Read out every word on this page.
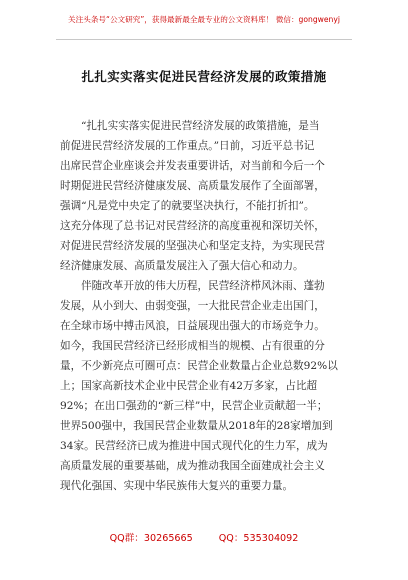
关注头条号“公文研究”，获得最新最全最专业的公文资料库！ 微信：gongwenyj
扎扎实实落实促进民营经济发展的政策措施
“扎扎实实落实促进民营经济发展的政策措施，是当
前促进民营经济发展的工作重点。”日前，习近平总书记
出席民营企业座谈会并发表重要讲话，对当前和今后一个
时期促进民营经济健康发展、高质量发展作了全面部署，
强调“凡是党中央定了的就要坚决执行，不能打折扣”。
这充分体现了总书记对民营经济的高度重视和深切关怀，
对促进民营经济发展的坚强决心和坚定支持，为实现民营
经济健康发展、高质量发展注入了强大信心和动力。
伴随改革开放的伟大历程，民营经济栉风沐雨、蓬勃
发展，从小到大、由弱变强，一大批民营企业走出国门，
在全球市场中搏击风浪，日益展现出强大的市场竞争力。
如今，我国民营经济已经形成相当的规模、占有很重的分
量，不少新亮点可圈可点：民营企业数量占企业总数92%以
上；国家高新技术企业中民营企业有42万多家，占比超
92%；在出口强劲的“新三样”中，民营企业贡献超一半；
世界500强中，我国民营企业数量从2018年的28家增加到
34家。民营经济已成为推进中国式现代化的生力军，成为
高质量发展的重要基础，成为推动我国全面建成社会主义
现代化强国、实现中华民族伟大复兴的重要力量。
QQ群：30265665	QQ：535304092
